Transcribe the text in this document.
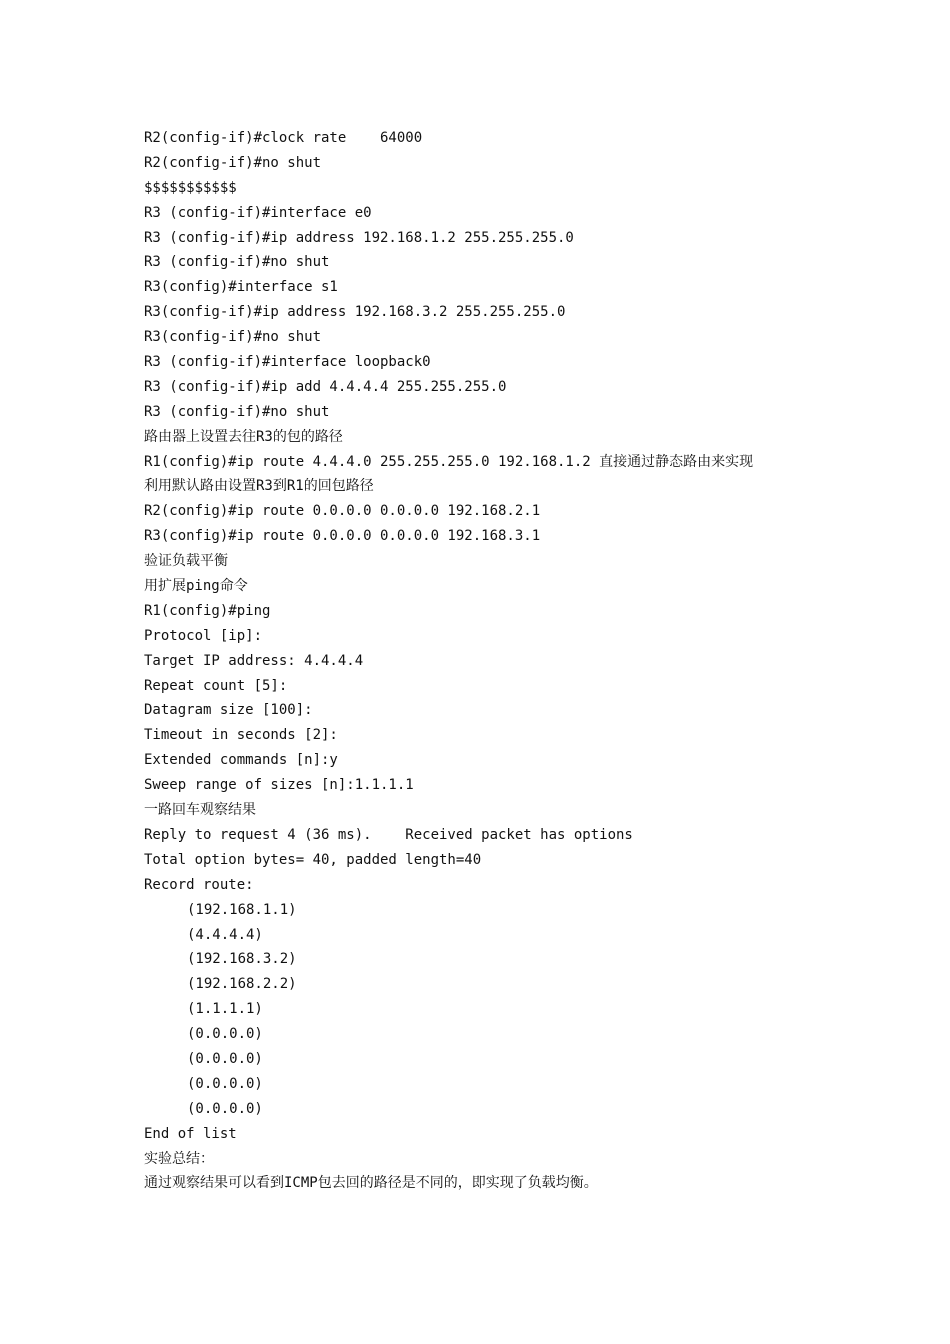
R2(config-if)#clock rate    64000
R2(config-if)#no shut
$$$$$$$$$$$
R3 (config-if)#interface e0
R3 (config-if)#ip address 192.168.1.2 255.255.255.0
R3 (config-if)#no shut
R3(config)#interface s1
R3(config-if)#ip address 192.168.3.2 255.255.255.0
R3(config-if)#no shut
R3 (config-if)#interface loopback0
R3 (config-if)#ip add 4.4.4.4 255.255.255.0
R3 (config-if)#no shut
路由器上设置去往R3的包的路径
R1(config)#ip route 4.4.4.0 255.255.255.0 192.168.1.2 直接通过静态路由来实现
利用默认路由设置R3到R1的回包路径
R2(config)#ip route 0.0.0.0 0.0.0.0 192.168.2.1
R3(config)#ip route 0.0.0.0 0.0.0.0 192.168.3.1
验证负载平衡
用扩展ping命令
R1(config)#ping
Protocol [ip]:
Target IP address: 4.4.4.4
Repeat count [5]:
Datagram size [100]:
Timeout in seconds [2]:
Extended commands [n]:y
Sweep range of sizes [n]:1.1.1.1
一路回车观察结果
Reply to request 4 (36 ms).    Received packet has options
Total option bytes= 40, padded length=40
Record route:
(192.168.1.1)
(4.4.4.4)
(192.168.3.2)
(192.168.2.2)
(1.1.1.1)
(0.0.0.0)
(0.0.0.0)
(0.0.0.0)
(0.0.0.0)
End of list
实验总结：
通过观察结果可以看到ICMP包去回的路径是不同的，即实现了负载均衡。
